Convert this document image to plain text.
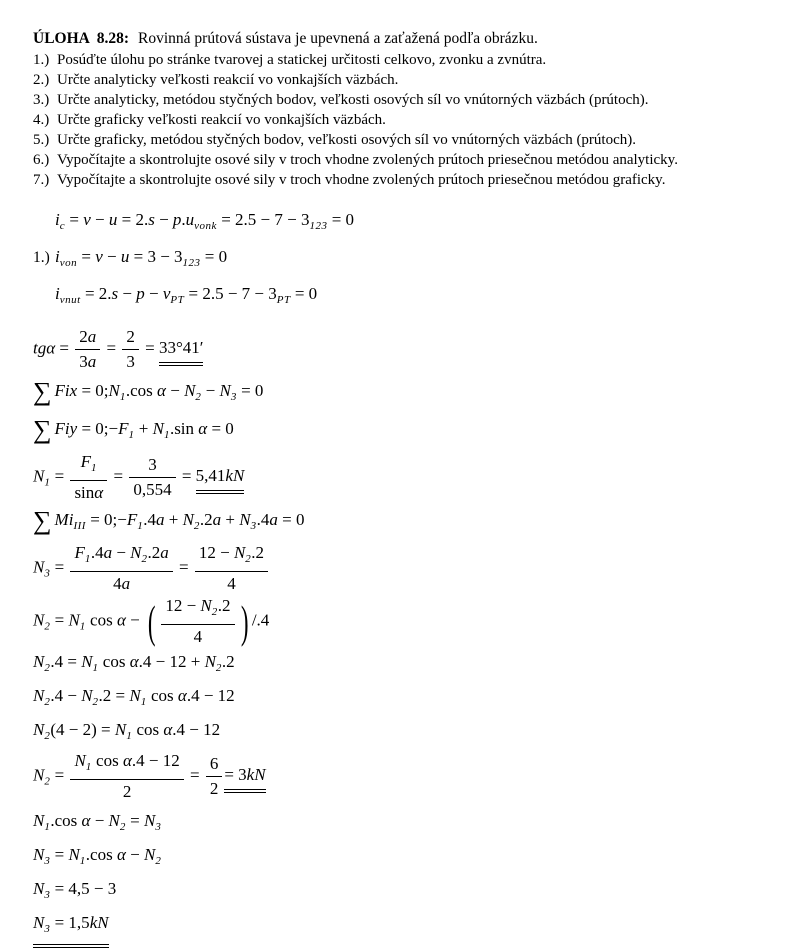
ÚLOHA  8.28: Rovinná prútová sústava je upevnená a zaťažená podľa obrázku.
1.) Posúďte úlohu po stránke tvarovej a statickej určitosti celkovo, zvonku a zvnútra.
2.) Určte analyticky veľkosti reakcií vo vonkajších väzbách.
3.) Určte analyticky, metódou styčných bodov, veľkosti osových síl vo vnútorných väzbách (prútoch).
4.) Určte graficky veľkosti reakcií vo vonkajších väzbách.
5.) Určte graficky, metódou styčných bodov, veľkosti osových síl vo vnútorných väzbách (prútoch).
6.) Vypočítajte a skontrolujte osové sily v troch vhodne zvolených prútoch priesečnou metódou analyticky.
7.) Vypočítajte a skontrolujte osové sily v troch vhodne zvolených prútoch priesečnou metódou graficky.
$i_c = v - u = 2.s - p.u_{vonk} = 2.5 - 7 - 3_{123} = 0$
1.) $i_{von} = v - u = 3 - 3_{123} = 0$
$i_{vnut} = 2.s - p - v_{PT} = 2.5 - 7 - 3_{PT} = 0$
$tg\alpha = \frac{2a}{3a} = \frac{2}{3} = 33^\circ 41'$
∑ Fix = $0;N_1.\cos$ $\alpha - N_2 - N_3 = 0$
∑ Fiy = $0;-F_1 + N_1.\sin$ α = 0
$N_1 = \frac{F_1}{\sin\alpha} = \frac{3}{0,554} = 5,41kN$
∑ $Mi_{III}$ = $0;-F_1.4a + N_2.2a + N_3.4a = 0$
$N_3 = \frac{F_1.4a - N_2.2a}{4a} = \frac{12 - N_2.2}{4}$
$N_2 = N_1$ cos α − ( $\frac{12 - N_2.2}{4}$ ) /.4
$N_2.4 = N_1$ $\cos \alpha.4 - 12 + N_2.2$
$N_2.4 - N_2.2 = N_1$ cos α.4 − 12
$N_2(4 - 2) = N_1$ cos α.4 − 12
$N_2 = \frac{N_1 \cos \alpha.4 - 12}{2} = \frac{6}{2} = 3kN$
$N_1.\cos$ $\alpha - N_2 = N_3$
$N_3 = N_1.\cos$ $\alpha - N_2$
$N_3 = 4,5 - 3$
$N_3 = 1,5kN$
